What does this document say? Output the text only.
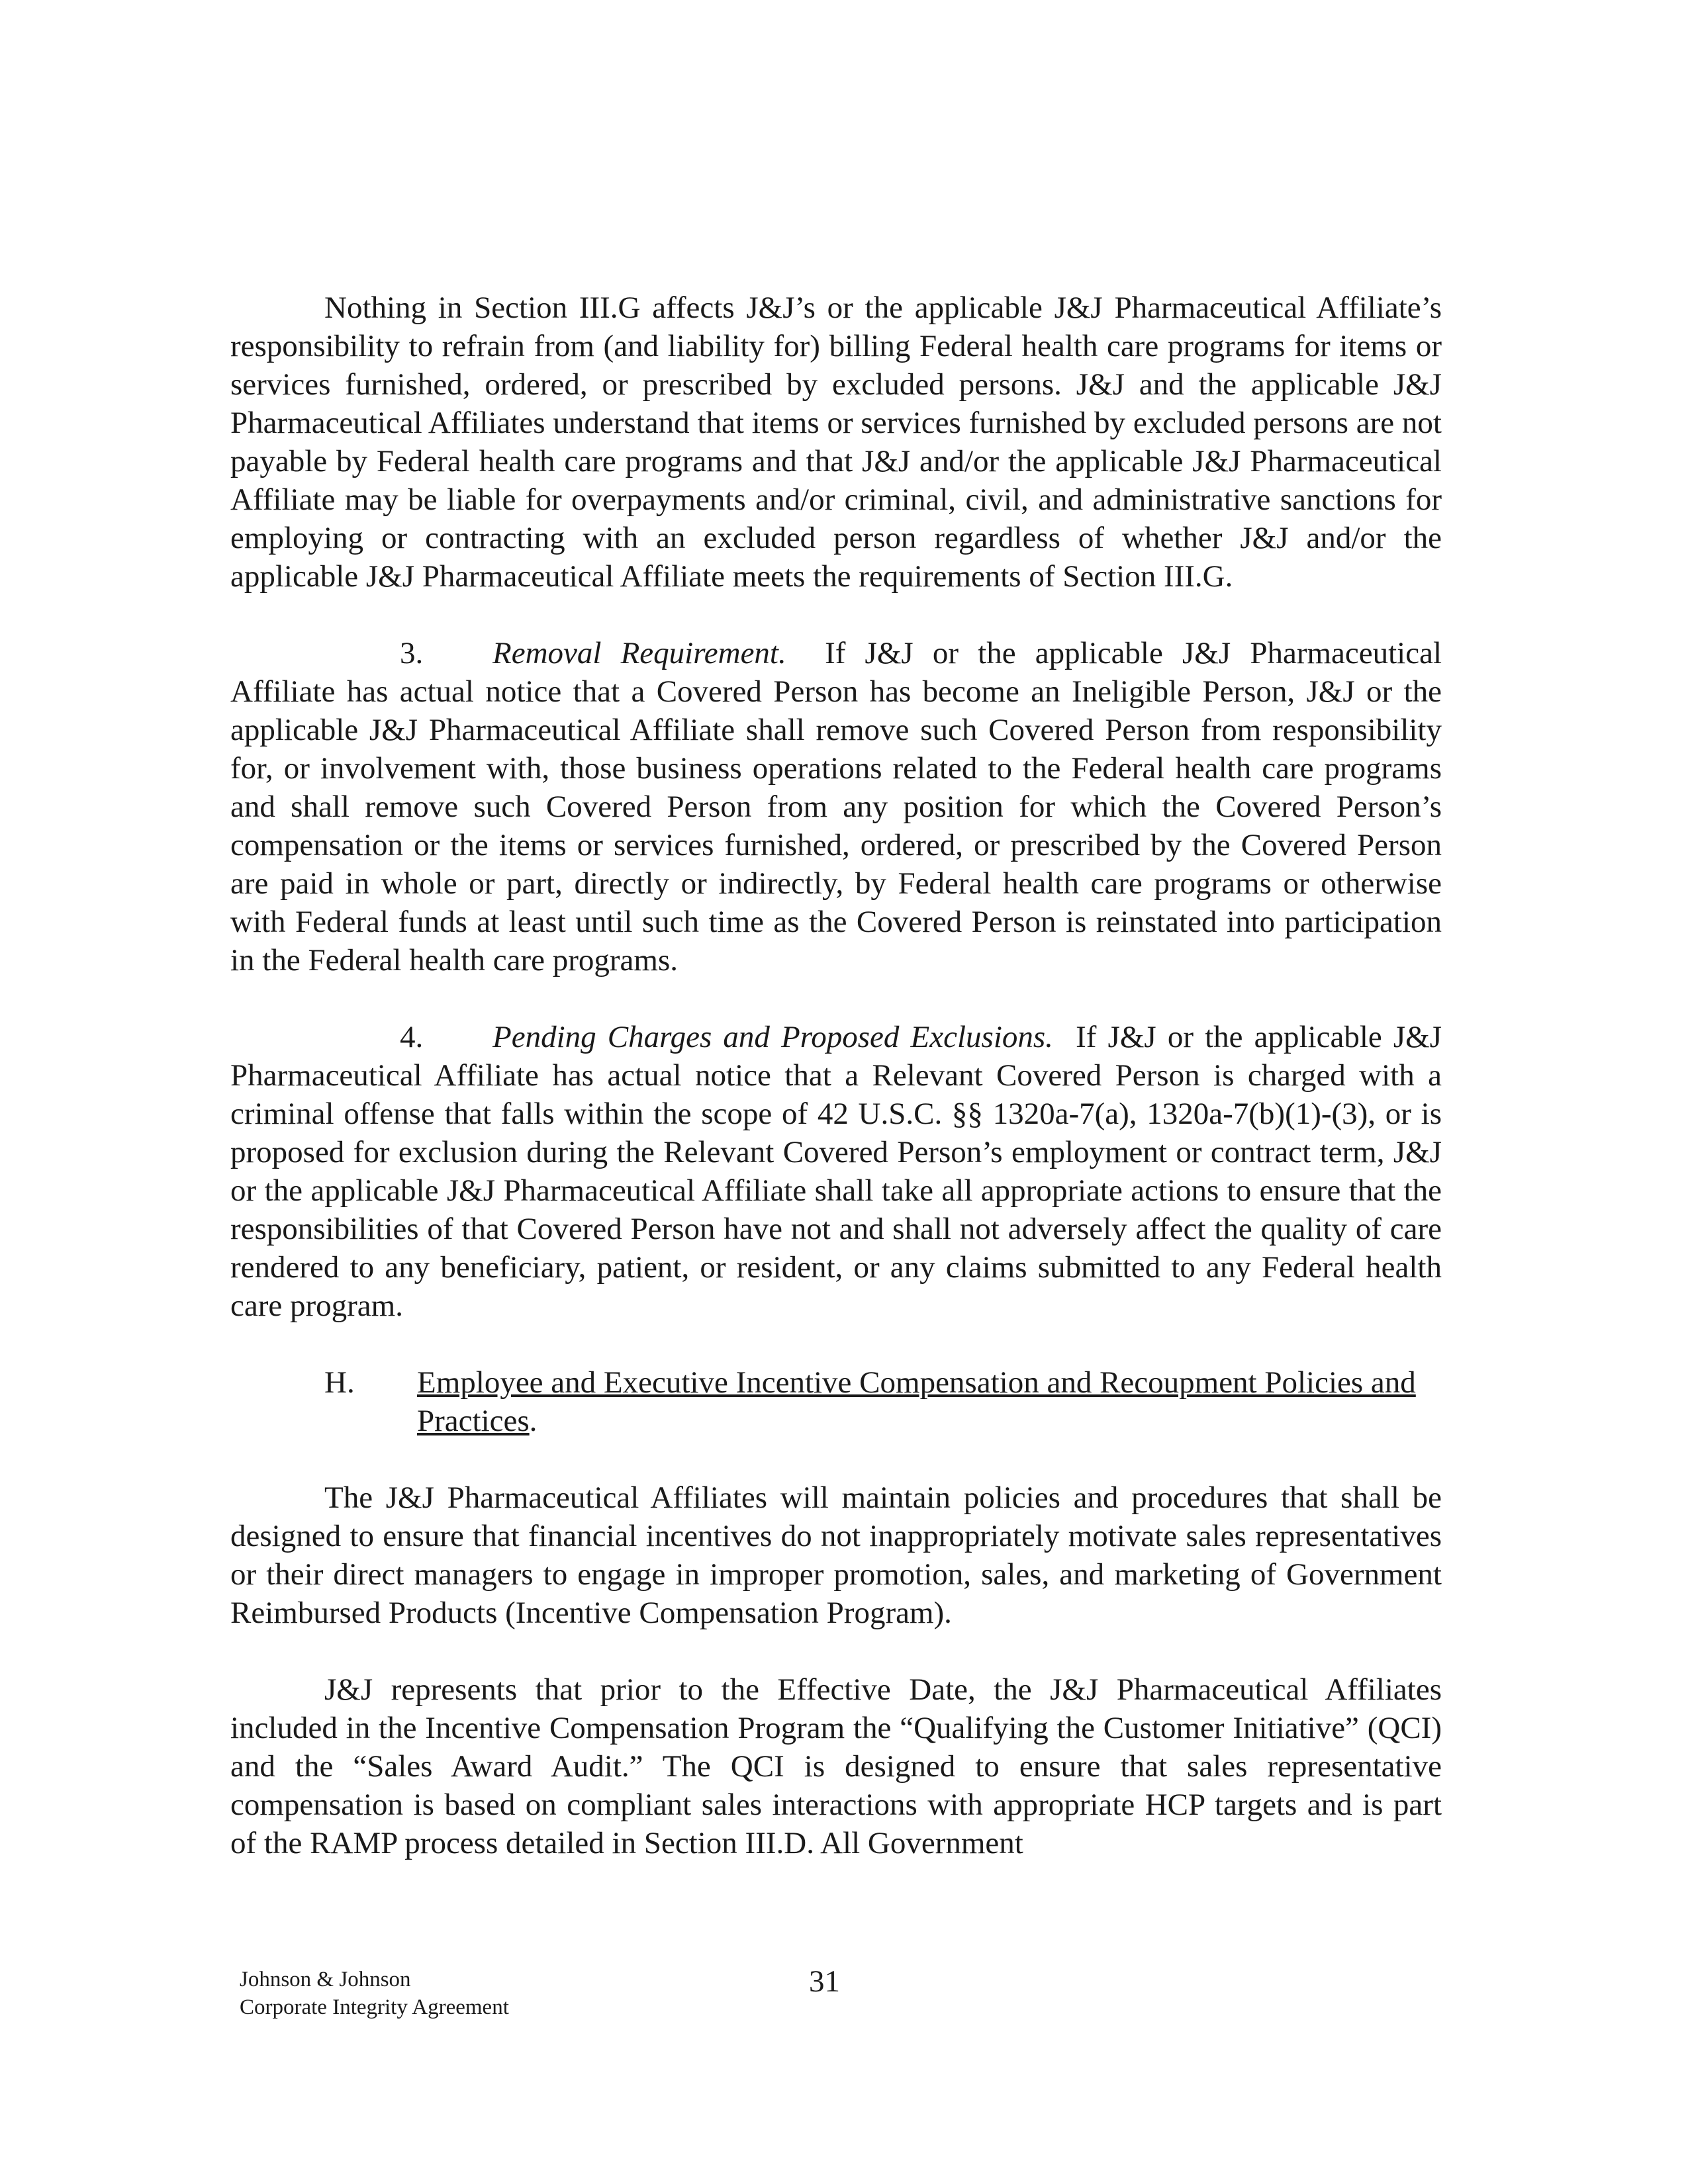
Nothing in Section III.G affects J&J’s or the applicable J&J Pharmaceutical Affiliate’s responsibility to refrain from (and liability for) billing Federal health care programs for items or services furnished, ordered, or prescribed by excluded persons. J&J and the applicable J&J Pharmaceutical Affiliates understand that items or services furnished by excluded persons are not payable by Federal health care programs and that J&J and/or the applicable J&J Pharmaceutical Affiliate may be liable for overpayments and/or criminal, civil, and administrative sanctions for employing or contracting with an excluded person regardless of whether J&J and/or the applicable J&J Pharmaceutical Affiliate meets the requirements of Section III.G.

3. Removal Requirement. If J&J or the applicable J&J Pharmaceutical Affiliate has actual notice that a Covered Person has become an Ineligible Person, J&J or the applicable J&J Pharmaceutical Affiliate shall remove such Covered Person from responsibility for, or involvement with, those business operations related to the Federal health care programs and shall remove such Covered Person from any position for which the Covered Person’s compensation or the items or services furnished, ordered, or prescribed by the Covered Person are paid in whole or part, directly or indirectly, by Federal health care programs or otherwise with Federal funds at least until such time as the Covered Person is reinstated into participation in the Federal health care programs.

4. Pending Charges and Proposed Exclusions. If J&J or the applicable J&J Pharmaceutical Affiliate has actual notice that a Relevant Covered Person is charged with a criminal offense that falls within the scope of 42 U.S.C. §§ 1320a-7(a), 1320a-7(b)(1)-(3), or is proposed for exclusion during the Relevant Covered Person’s employment or contract term, J&J or the applicable J&J Pharmaceutical Affiliate shall take all appropriate actions to ensure that the responsibilities of that Covered Person have not and shall not adversely affect the quality of care rendered to any beneficiary, patient, or resident, or any claims submitted to any Federal health care program.

H. Employee and Executive Incentive Compensation and Recoupment Policies and Practices.

The J&J Pharmaceutical Affiliates will maintain policies and procedures that shall be designed to ensure that financial incentives do not inappropriately motivate sales representatives or their direct managers to engage in improper promotion, sales, and marketing of Government Reimbursed Products (Incentive Compensation Program).

J&J represents that prior to the Effective Date, the J&J Pharmaceutical Affiliates included in the Incentive Compensation Program the “Qualifying the Customer Initiative” (QCI) and the “Sales Award Audit.” The QCI is designed to ensure that sales representative compensation is based on compliant sales interactions with appropriate HCP targets and is part of the RAMP process detailed in Section III.D. All Government

Johnson & Johnson
Corporate Integrity Agreement
31
